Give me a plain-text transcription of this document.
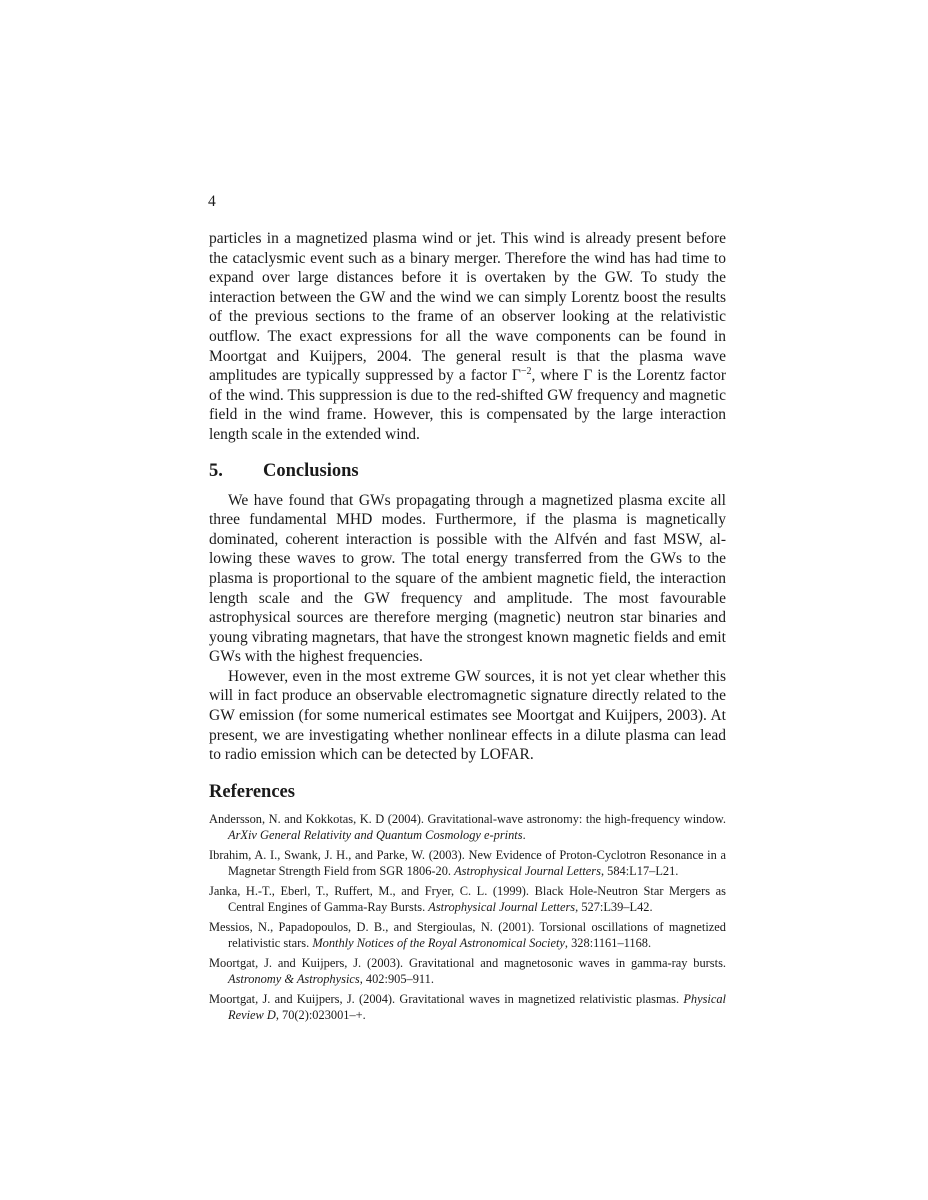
4

particles in a magnetized plasma wind or jet. This wind is already present before the cataclysmic event such as a binary merger. Therefore the wind has had time to expand over large distances before it is overtaken by the GW. To study the interaction between the GW and the wind we can simply Lorentz boost the results of the previous sections to the frame of an observer looking at the relativistic outflow. The exact expressions for all the wave components can be found in Moortgat and Kuijpers, 2004. The general result is that the plasma wave amplitudes are typically suppressed by a factor $\Gamma^{-2}$, where Γ is the Lorentz factor of the wind. This suppression is due to the red-shifted GW frequency and magnetic field in the wind frame. However, this is compensated by the large interaction length scale in the extended wind.

5.	Conclusions

We have found that GWs propagating through a magnetized plasma excite all three fundamental MHD modes. Furthermore, if the plasma is magnetically dominated, coherent interaction is possible with the Alfvén and fast MSW, allowing these waves to grow. The total energy transferred from the GWs to the plasma is proportional to the square of the ambient magnetic field, the interaction length scale and the GW frequency and amplitude. The most favourable astrophysical sources are therefore merging (magnetic) neutron star binaries and young vibrating magnetars, that have the strongest known magnetic fields and emit GWs with the highest frequencies.

However, even in the most extreme GW sources, it is not yet clear whether this will in fact produce an observable electromagnetic signature directly related to the GW emission (for some numerical estimates see Moortgat and Kuijpers, 2003). At present, we are investigating whether nonlinear effects in a dilute plasma can lead to radio emission which can be detected by LOFAR.

References

Andersson, N. and Kokkotas, K. D (2004). Gravitational-wave astronomy: the high-frequency window. ArXiv General Relativity and Quantum Cosmology e-prints.

Ibrahim, A. I., Swank, J. H., and Parke, W. (2003). New Evidence of Proton-Cyclotron Resonance in a Magnetar Strength Field from SGR 1806-20. Astrophysical Journal Letters, 584:L17–L21.

Janka, H.-T., Eberl, T., Ruffert, M., and Fryer, C. L. (1999). Black Hole-Neutron Star Mergers as Central Engines of Gamma-Ray Bursts. Astrophysical Journal Letters, 527:L39–L42.

Messios, N., Papadopoulos, D. B., and Stergioulas, N. (2001). Torsional oscillations of magnetized relativistic stars. Monthly Notices of the Royal Astronomical Society, 328:1161–1168.

Moortgat, J. and Kuijpers, J. (2003). Gravitational and magnetosonic waves in gamma-ray bursts. Astronomy & Astrophysics, 402:905–911.

Moortgat, J. and Kuijpers, J. (2004). Gravitational waves in magnetized relativistic plasmas. Physical Review D, 70(2):023001–+.
